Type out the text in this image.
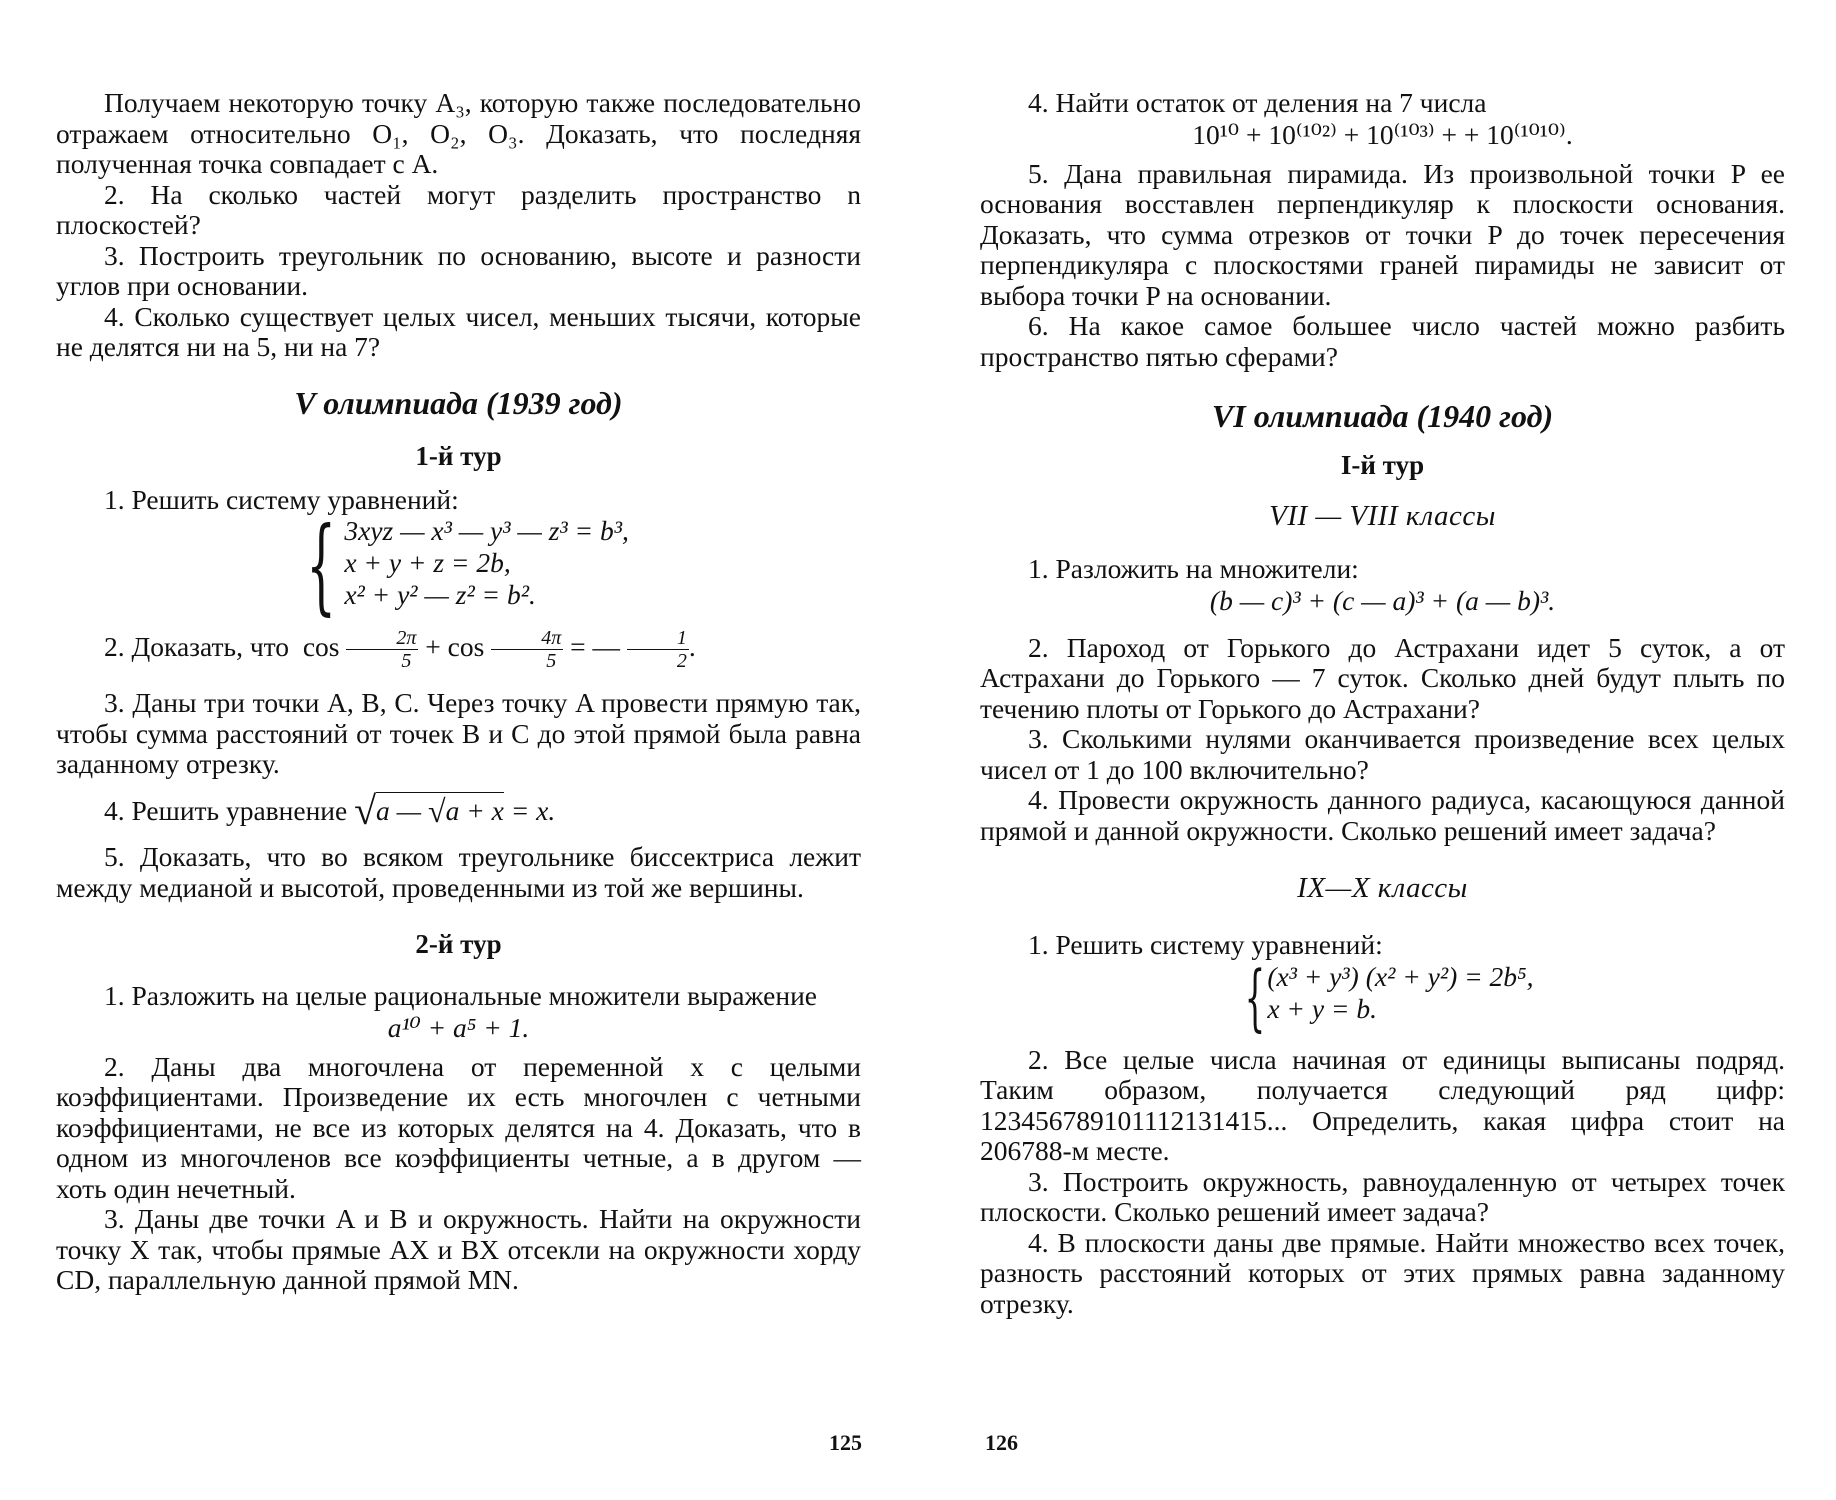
Получаем некоторую точку A₃, которую также последовательно отражаем относительно O₁, O₂, O₃. Доказать, что последняя полученная точка совпадает с A.

2. На сколько частей могут разделить пространство n плоскостей?

3. Построить треугольник по основанию, высоте и разности углов при основании.

4. Сколько существует целых чисел, меньших тысячи, которые не делятся ни на 5, ни на 7?

V олимпиада (1939 год)

1-й тур

1. Решить систему уравнений:

{ 3xyz — x³ — y³ — z³ = b³,
x + y + z = 2b,
x² + y² — z² = b².

2. Доказать, что $\cos \frac{2\pi}{5} + \cos \frac{4\pi}{5}$ = — $\frac{1}{2}$ .

3. Даны три точки A, B, C. Через точку A провести прямую так, чтобы сумма расстояний от точек B и C до этой прямой была равна заданному отрезку.

4. Решить уравнение √a — √a + x = x.

5. Доказать, что во всяком треугольнике биссектриса лежит между медианой и высотой, проведенными из той же вершины.

2-й тур

1. Разложить на целые рациональные множители выражение

a¹⁰ + a⁵ + 1.

2. Даны два многочлена от переменной x с целыми коэффициентами. Произведение их есть многочлен с четными коэффициентами, не все из которых делятся на 4. Доказать, что в одном из многочленов все коэффициенты четные, а в другом — хоть один нечетный.

3. Даны две точки A и B и окружность. Найти на окружности точку X так, чтобы прямые AX и BX отсекли на окружности хорду CD, параллельную данной прямой MN.

125

4. Найти остаток от деления на 7 числа

10¹⁰ + 10⁽¹⁰²⁾ + 10⁽¹⁰³⁾ + + 10⁽¹⁰¹⁰⁾.

5. Дана правильная пирамида. Из произвольной точки P ее основания восставлен перпендикуляр к плоскости основания. Доказать, что сумма отрезков от точки P до точек пересечения перпендикуляра с плоскостями граней пирамиды не зависит от выбора точки P на основании.

6. На какое самое большее число частей можно разбить пространство пятью сферами?

VI олимпиада (1940 год)

I-й тур

VII — VIII классы

1. Разложить на множители:

(b — c)³ + (c — a)³ + (a — b)³.

2. Пароход от Горького до Астрахани идет 5 суток, а от Астрахани до Горького — 7 суток. Сколько дней будут плыть по течению плоты от Горького до Астрахани?

3. Сколькими нулями оканчивается произведение всех целых чисел от 1 до 100 включительно?

4. Провести окружность данного радиуса, касающуюся данной прямой и данной окружности. Сколько решений имеет задача?

IX—X классы

1. Решить систему уравнений:

{ (x³ + y³) (x² + y²) = 2b⁵,
x + y = b.

2. Все целые числа начиная от единицы выписаны подряд. Таким образом, получается следующий ряд цифр: 123456789101112131415... Определить, какая цифра стоит на 206788-м месте.

3. Построить окружность, равноудаленную от четырех точек плоскости. Сколько решений имеет задача?

4. В плоскости даны две прямые. Найти множество всех точек, разность расстояний которых от этих прямых равна заданному отрезку.

126
